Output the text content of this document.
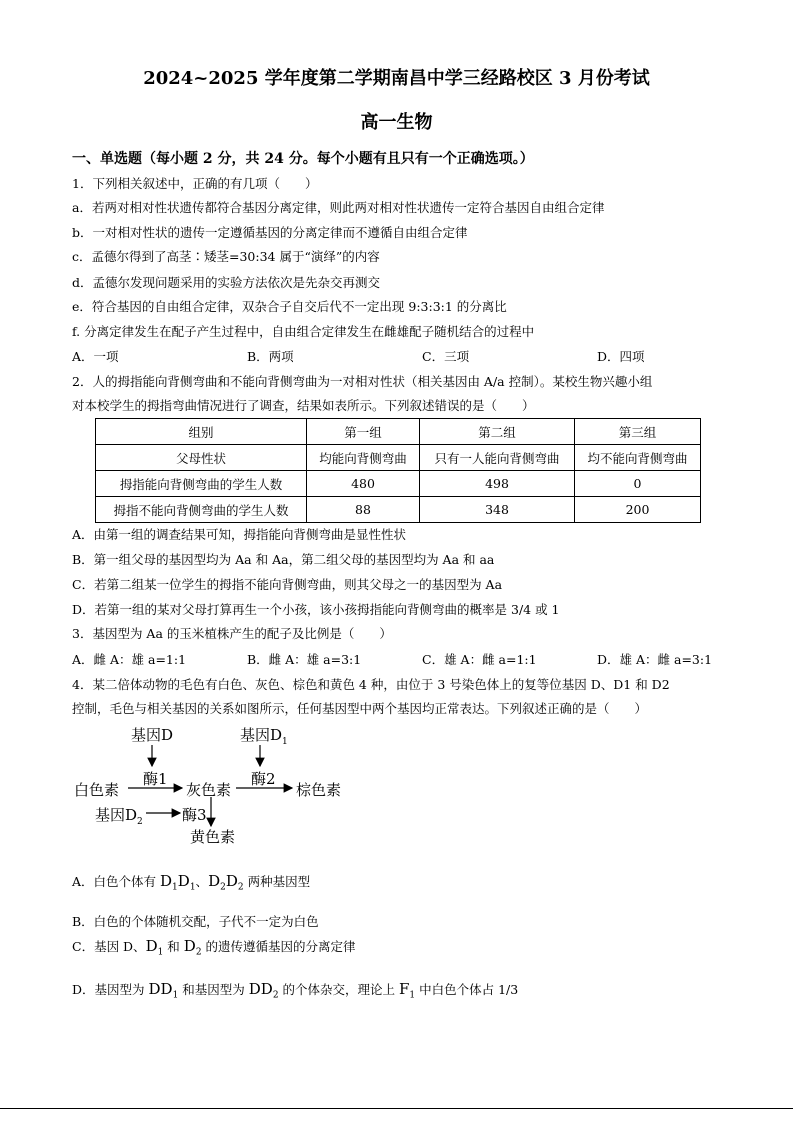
2024~2025 学年度第二学期南昌中学三经路校区 3 月份考试
高一生物
一、单选题（每小题 2 分，共 24 分。每个小题有且只有一个正确选项。）
1．下列相关叙述中，正确的有几项（　　）
a．若两对相对性状遗传都符合基因分离定律，则此两对相对性状遗传一定符合基因自由组合定律
b．一对相对性状的遗传一定遵循基因的分离定律而不遵循自由组合定律
c．孟德尔得到了高茎∶矮茎=30:34 属于“演绎”的内容
d．孟德尔发现问题采用的实验方法依次是先杂交再测交
e．符合基因的自由组合定律，双杂合子自交后代不一定出现 9:3:3:1 的分离比
f. 分离定律发生在配子产生过程中，自由组合定律发生在雌雄配子随机结合的过程中
A．一项	B．两项	C．三项	D．四项
2．人的拇指能向背侧弯曲和不能向背侧弯曲为一对相对性状（相关基因由 A/a 控制）。某校生物兴趣小组
对本校学生的拇指弯曲情况进行了调查，结果如表所示。下列叙述错误的是（　　）
组别	第一组	第二组	第三组
父母性状	均能向背侧弯曲	只有一人能向背侧弯曲	均不能向背侧弯曲
拇指能向背侧弯曲的学生人数	480	498	0
拇指不能向背侧弯曲的学生人数	88	348	200
A．由第一组的调查结果可知，拇指能向背侧弯曲是显性性状
B．第一组父母的基因型均为 Aa 和 Aa，第二组父母的基因型均为 Aa 和 aa
C．若第二组某一位学生的拇指不能向背侧弯曲，则其父母之一的基因型为 Aa
D．若第一组的某对父母打算再生一个小孩，该小孩拇指能向背侧弯曲的概率是 3/4 或 1
3．基因型为 Aa 的玉米植株产生的配子及比例是（　　）
A．雌 A：雄 a=1:1	B．雌 A：雄 a=3:1	C．雄 A：雌 a=1:1	D．雄 A：雌 a=3:1
4．某二倍体动物的毛色有白色、灰色、棕色和黄色 4 种，由位于 3 号染色体上的复等位基因 D、D1 和 D2
控制，毛色与相关基因的关系如图所示，任何基因型中两个基因均正常表达。下列叙述正确的是（　　）
基因D	基因$D_1$
酶1	酶2
白色素	灰色素	棕色素
基因$D_2$	酶3
黄色素
A．白色个体有 $D_1D_1$、$D_2D_2$ 两种基因型
B．白色的个体随机交配，子代不一定为白色
C．基因 D、$D_1$ 和 $D_2$ 的遗传遵循基因的分离定律
D．基因型为 $DD_1$ 和基因型为 $DD_2$ 的个体杂交，理论上 $F_1$ 中白色个体占 1/3
